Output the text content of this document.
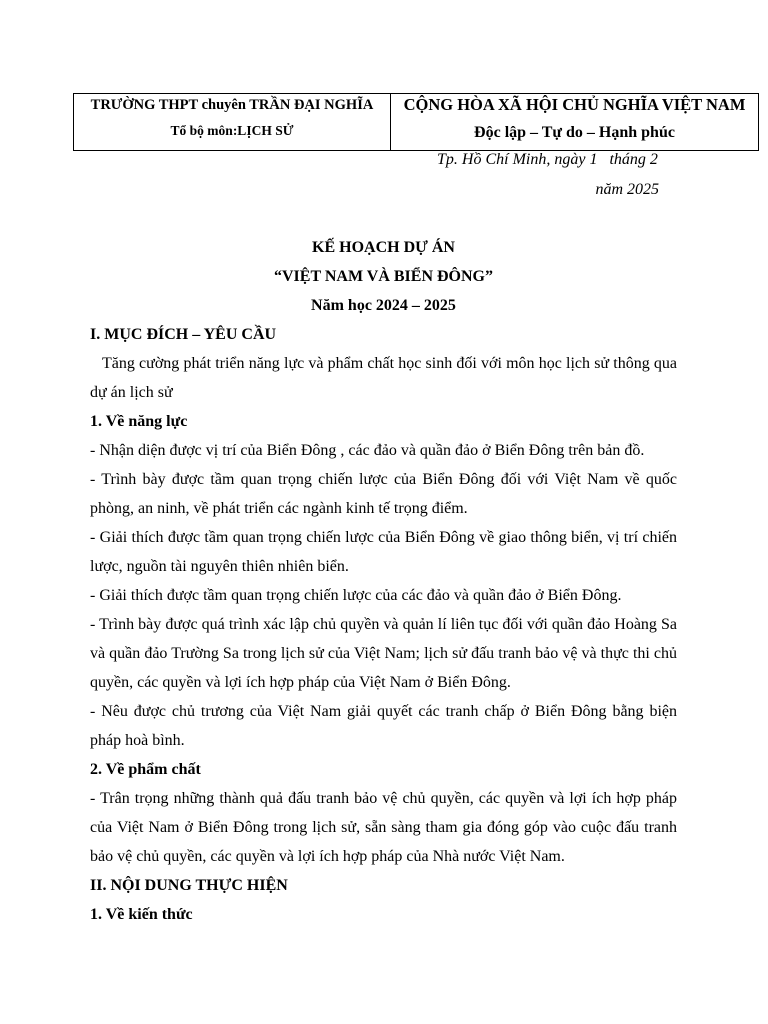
TRƯỜNG THPT chuyên TRẦN ĐẠI NGHĨA
Tổ bộ môn:LỊCH SỬ

CỘNG HÒA XÃ HỘI CHỦ NGHĨA VIỆT NAM
Độc lập – Tự do – Hạnh phúc
Tp. Hồ Chí Minh, ngày 1   tháng 2
năm 2025

KẾ HOẠCH DỰ ÁN

“VIỆT NAM VÀ BIỂN ĐÔNG”

Năm học 2024 – 2025

I. MỤC ĐÍCH – YÊU CẦU

Tăng cường phát triển năng lực và phẩm chất học sinh đối với môn học lịch sử thông qua dự án lịch sử

1. Về năng lực

- Nhận diện được vị trí của Biển Đông , các đảo và quần đảo ở Biển Đông trên bản đồ.

- Trình bày được tầm quan trọng chiến lược của Biển Đông đối với Việt Nam về quốc phòng, an ninh, về phát triển các ngành kinh tế trọng điểm.

- Giải thích được tầm quan trọng chiến lược của Biển Đông về giao thông biển, vị trí chiến lược, nguồn tài nguyên thiên nhiên biển.

- Giải thích được tầm quan trọng chiến lược của các đảo và quần đảo ở Biển Đông.

- Trình bày được quá trình xác lập chủ quyền và quản lí liên tục đối với quần đảo Hoàng Sa và quần đảo Trường Sa trong lịch sử của Việt Nam; lịch sử đấu tranh bảo vệ và thực thi chủ quyền, các quyền và lợi ích hợp pháp của Việt Nam ở Biển Đông.

- Nêu được chủ trương của Việt Nam giải quyết các tranh chấp ở Biển Đông bằng biện pháp hoà bình.

2. Về phẩm chất

- Trân trọng những thành quả đấu tranh bảo vệ chủ quyền, các quyền và lợi ích hợp pháp của Việt Nam ở Biển Đông trong lịch sử, sẵn sàng tham gia đóng góp vào cuộc đấu tranh bảo vệ chủ quyền, các quyền và lợi ích hợp pháp của Nhà nước Việt Nam.

II. NỘI DUNG THỰC HIỆN

1. Về kiến thức
